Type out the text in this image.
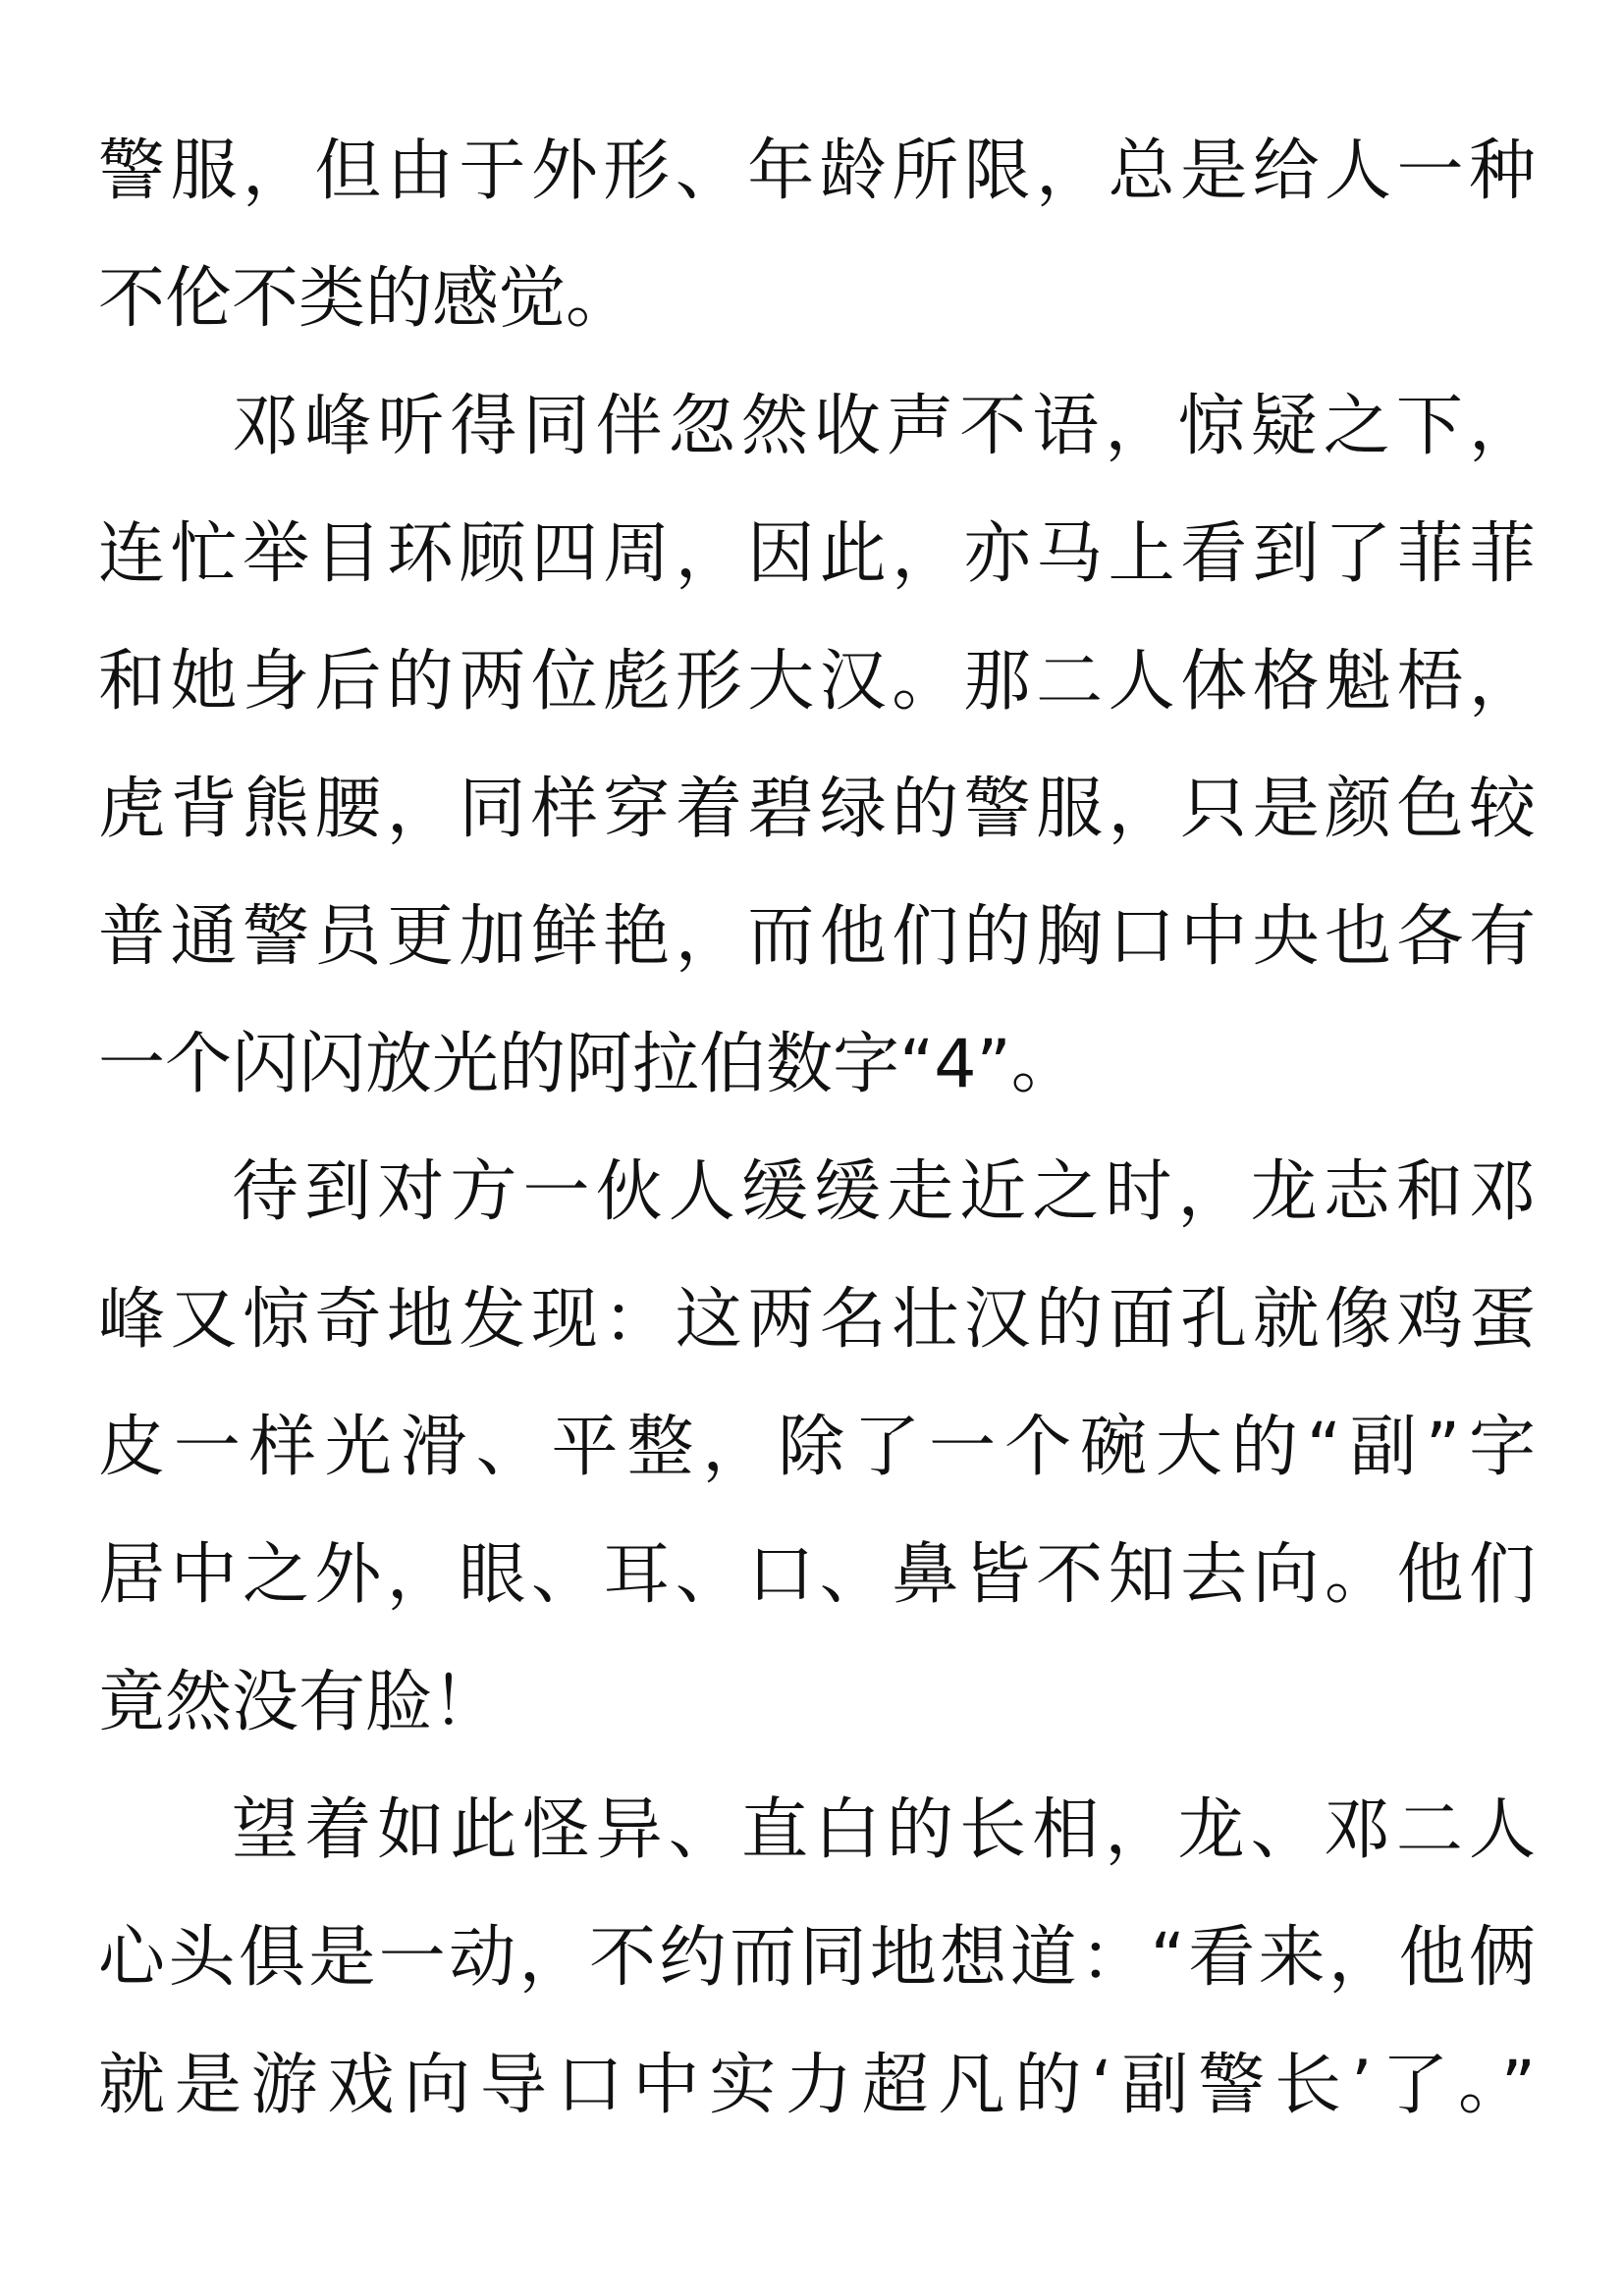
警服，但由于外形、年龄所限，总是给人一种
不伦不类的感觉。
邓峰听得同伴忽然收声不语，惊疑之下，
连忙举目环顾四周，因此，亦马上看到了菲菲
和她身后的两位彪形大汉。那二人体格魁梧，
虎背熊腰，同样穿着碧绿的警服，只是颜色较
普通警员更加鲜艳，而他们的胸口中央也各有
一个闪闪放光的阿拉伯数字“4”。
待到对方一伙人缓缓走近之时，龙志和邓
峰又惊奇地发现：这两名壮汉的面孔就像鸡蛋
皮一样光滑、平整，除了一个碗大的“副”字
居中之外，眼、耳、口、鼻皆不知去向。他们
竟然没有脸！
望着如此怪异、直白的长相，龙、邓二人
心头俱是一动，不约而同地想道：“看来，他俩
就是游戏向导口中实力超凡的‘副警长’了。”
